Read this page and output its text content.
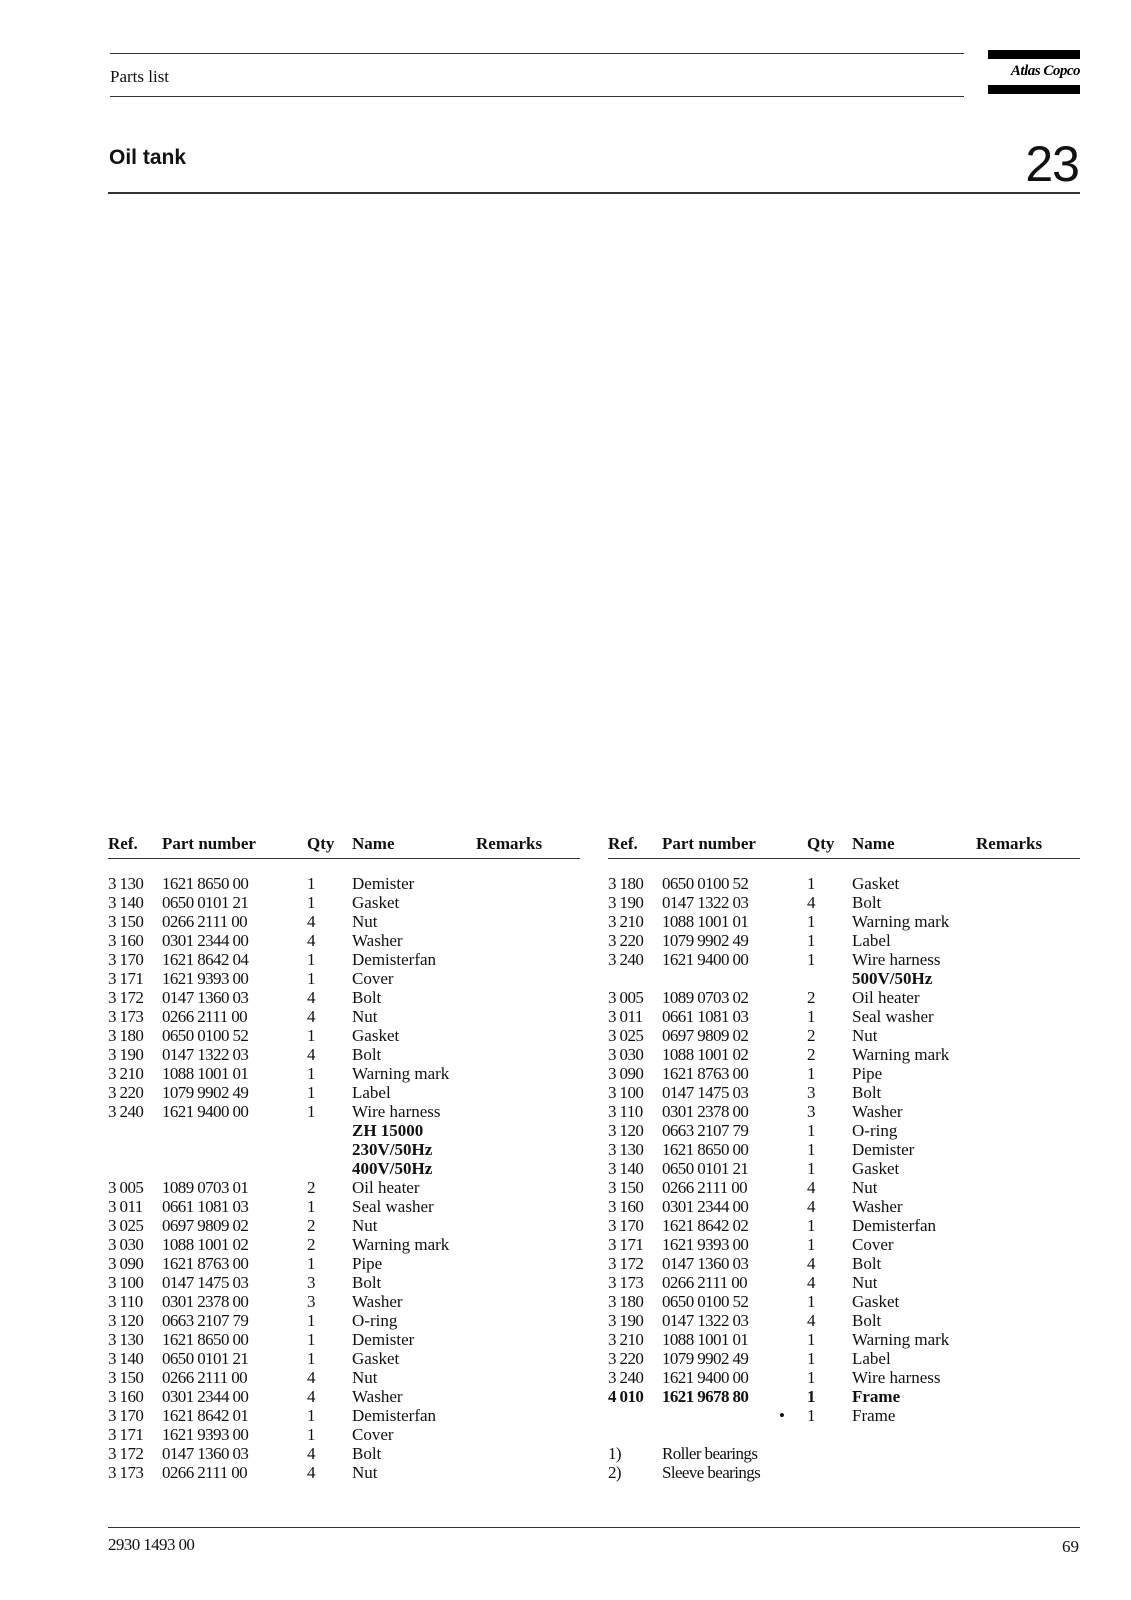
Parts list	Atlas Copco
Oil tank	23
Ref. Part number	Qty Name	Remarks
3 130 1621 8650 00	1 Demister
3 140 0650 0101 21	1 Gasket
3 150 0266 2111 00	4 Nut
3 160 0301 2344 00	4 Washer
3 170 1621 8642 04	1 Demisterfan
3 171 1621 9393 00	1 Cover
3 172 0147 1360 03	4 Bolt
3 173 0266 2111 00	4 Nut
3 180 0650 0100 52	1 Gasket
3 190 0147 1322 03	4 Bolt
3 210 1088 1001 01	1 Warning mark
3 220 1079 9902 49	1 Label
3 240 1621 9400 00	1 Wire harness
ZH 15000
230V/50Hz
400V/50Hz
3 005 1089 0703 01	2 Oil heater
3 011 0661 1081 03	1 Seal washer
3 025 0697 9809 02	2 Nut
3 030 1088 1001 02	2 Warning mark
3 090 1621 8763 00	1 Pipe
3 100 0147 1475 03	3 Bolt
3 110 0301 2378 00	3 Washer
3 120 0663 2107 79	1 O-ring
3 130 1621 8650 00	1 Demister
3 140 0650 0101 21	1 Gasket
3 150 0266 2111 00	4 Nut
3 160 0301 2344 00	4 Washer
3 170 1621 8642 01	1 Demisterfan
3 171 1621 9393 00	1 Cover
3 172 0147 1360 03	4 Bolt
3 173 0266 2111 00	4 Nut
Ref. Part number	Qty Name	Remarks
3 180 0650 0100 52	1 Gasket
3 190 0147 1322 03	4 Bolt
3 210 1088 1001 01	1 Warning mark
3 220 1079 9902 49	1 Label
3 240 1621 9400 00	1 Wire harness
500V/50Hz
3 005 1089 0703 02	2 Oil heater
3 011 0661 1081 03	1 Seal washer
3 025 0697 9809 02	2 Nut
3 030 1088 1001 02	2 Warning mark
3 090 1621 8763 00	1 Pipe
3 100 0147 1475 03	3 Bolt
3 110 0301 2378 00	3 Washer
3 120 0663 2107 79	1 O-ring
3 130 1621 8650 00	1 Demister
3 140 0650 0101 21	1 Gasket
3 150 0266 2111 00	4 Nut
3 160 0301 2344 00	4 Washer
3 170 1621 8642 02	1 Demisterfan
3 171 1621 9393 00	1 Cover
3 172 0147 1360 03	4 Bolt
3 173 0266 2111 00	4 Nut
3 180 0650 0100 52	1 Gasket
3 190 0147 1322 03	4 Bolt
3 210 1088 1001 01	1 Warning mark
3 220 1079 9902 49	1 Label
3 240 1621 9400 00	1 Wire harness
4 010 1621 9678 80	1 Frame
• 1 Frame
1) Roller bearings
2) Sleeve bearings
2930 1493 00	69
